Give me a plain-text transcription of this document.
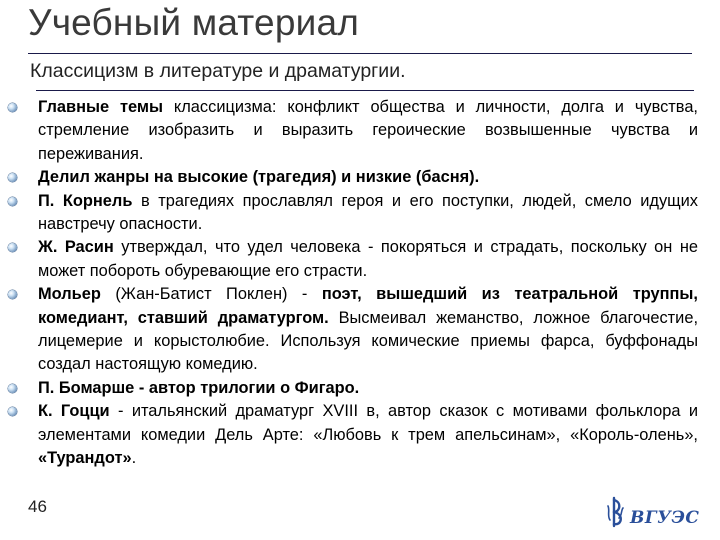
Учебный материал
Классицизм в литературе и драматургии.
Главные темы классицизма: конфликт общества и личности, долга и чувства, стремление изобразить и выразить героические возвышенные чувства и переживания.
Делил жанры на высокие (трагедия) и низкие (басня).
П. Корнель в трагедиях прославлял героя и его поступки, людей, смело идущих навстречу опасности.
Ж. Расин утверждал, что удел человека - покоряться и страдать, поскольку он не может побороть обуревающие его страсти.
Мольер (Жан-Батист Поклен) - поэт, вышедший из театральной труппы, комедиант, ставший драматургом. Высмеивал жеманство, ложное благочестие, лицемерие и корыстолюбие. Используя комические приемы фарса, буффонады создал настоящую комедию.
П. Бомарше - автор трилогии о Фигаро.
К. Гоцци - итальянский драматург XVIII в, автор сказок с мотивами фольклора и элементами комедии Дель Арте: «Любовь к трем апельсинам», «Король-олень», «Турандот».
46
ВГУЭС
